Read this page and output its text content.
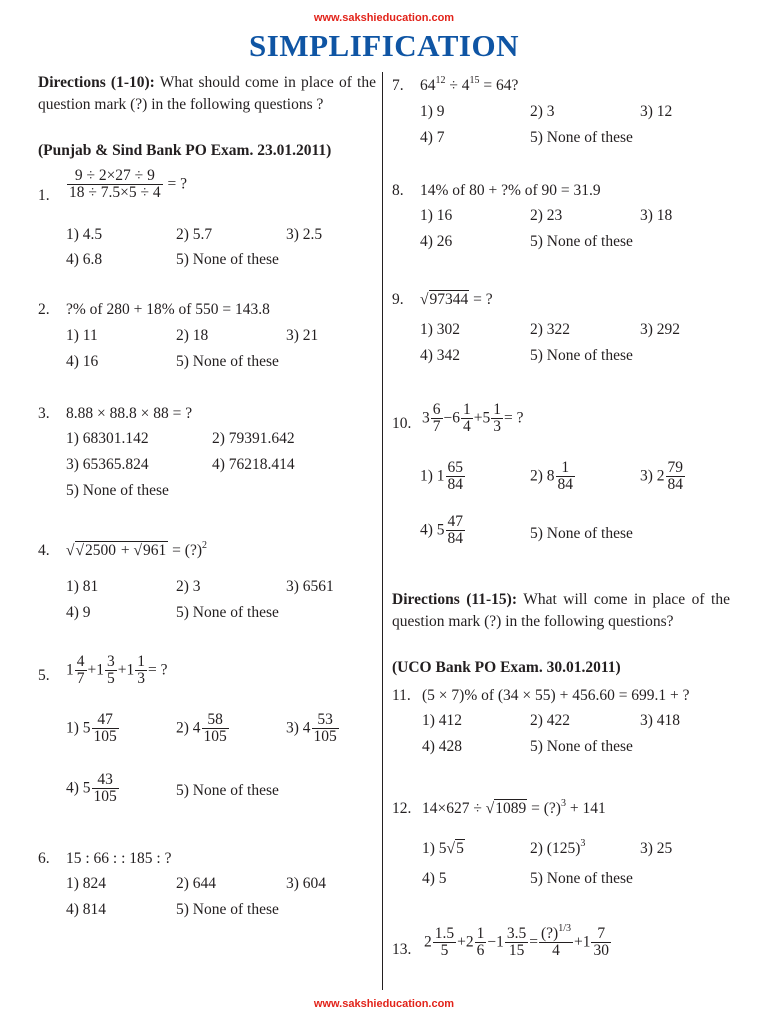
www.sakshieducation.com
SIMPLIFICATION
Directions (1-10): What should come in place of the question mark (?) in the following questions ?
(Punjab & Sind Bank PO Exam. 23.01.2011)
1. $\frac{9 \div 2\times 27 \div 9}{18 \div 7.5\times 5 \div 4}$ = ?
1) 4.5	2) 5.7	3) 2.5
4) 6.8	5) None of these
2. ?% of 280 + 18% of 550 = 143.8
1) 11	2) 18	3) 21
4) 16	5) None of these
3. 8.88 × 88.8 × 88 = ?
1) 68301.142	2) 79391.642
3) 65365.824	4) 76218.414
5) None of these
4. √√2500 + √961 = (?)$^2$
1) 81	2) 3	3) 6561
4) 9	5) None of these
5. $1 \frac{4}{7} +1 \frac{3}{5} +1 \frac{1}{3}$ = ?
1) $5 \frac{47}{105}$	2) $4 \frac{58}{105}$	3) $4 \frac{53}{105}$
4) $5 \frac{43}{105}$	5) None of these
6. 15 : 66 : : 185 : ?
1) 824	2) 644	3) 604
4) 814	5) None of these
7. $64^{12} \div 4^{15} = 64$?
1) 9	2) 3	3) 12
4) 7	5) None of these
8. 14% of 80 + ?% of 90 = 31.9
1) 16	2) 23	3) 18
4) 26	5) None of these
9. √97344 = ?
1) 302	2) 322	3) 292
4) 342	5) None of these
10. $3 \frac{6}{7} -6 \frac{1}{4} +5 \frac{1}{3}$ = ?
1) $1 \frac{65}{84}$	2) $8 \frac{1}{84}$	3) $2 \frac{79}{84}$
4) $5 \frac{47}{84}$	5) None of these
Directions (11-15): What will come in place of the question mark (?) in the following questions?
(UCO Bank PO Exam. 30.01.2011)
11. (5 × 7)% of (34 × 55) + 456.60 = 699.1 + ?
1) 412	2) 422	3) 418
4) 428	5) None of these
12. 14×627 ÷ √1089 = (?)$^3$ + 141
1) 5√5	2) $(125)^3$	3) 25
4) 5	5) None of these
13. $2 \frac{1.5}{5} +2 \frac{1}{6} -1 \frac{3.5}{15} = \frac{(?)^{1/3}}{4} +1 \frac{7}{30}$
www.sakshieducation.com
